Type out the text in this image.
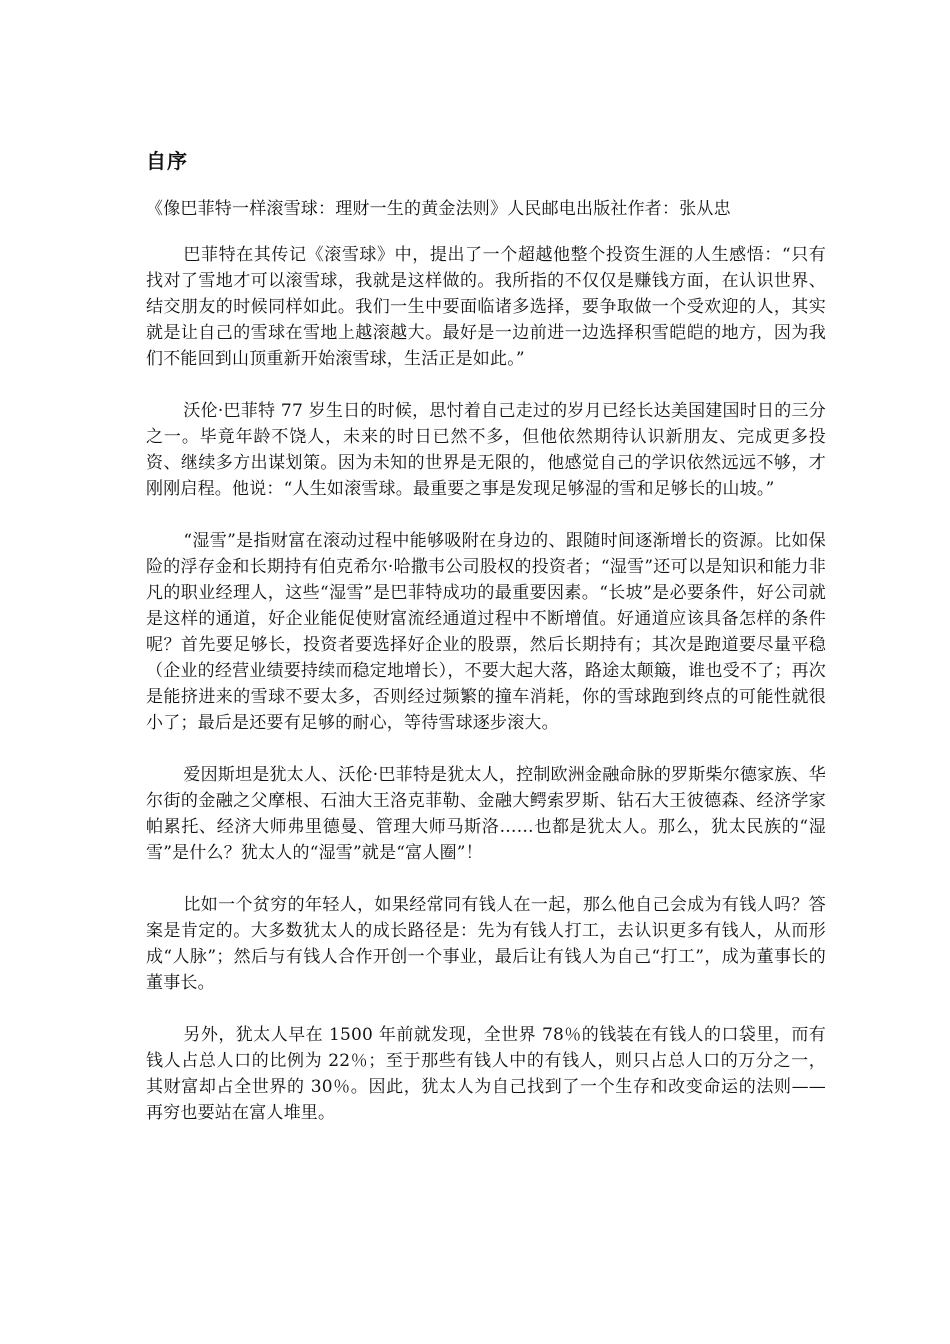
自序
《像巴菲特一样滚雪球：理财一生的黄金法则》人民邮电出版社作者：张从忠

巴菲特在其传记《滚雪球》中，提出了一个超越他整个投资生涯的人生感悟：“只有找对了雪地才可以滚雪球，我就是这样做的。我所指的不仅仅是赚钱方面，在认识世界、结交朋友的时候同样如此。我们一生中要面临诸多选择，要争取做一个受欢迎的人，其实就是让自己的雪球在雪地上越滚越大。最好是一边前进一边选择积雪皑皑的地方，因为我们不能回到山顶重新开始滚雪球，生活正是如此。”

沃伦·巴菲特 77 岁生日的时候，思忖着自己走过的岁月已经长达美国建国时日的三分之一。毕竟年龄不饶人，未来的时日已然不多，但他依然期待认识新朋友、完成更多投资、继续多方出谋划策。因为未知的世界是无限的，他感觉自己的学识依然远远不够，才刚刚启程。他说：“人生如滚雪球。最重要之事是发现足够湿的雪和足够长的山坡。”

“湿雪”是指财富在滚动过程中能够吸附在身边的、跟随时间逐渐增长的资源。比如保险的浮存金和长期持有伯克希尔·哈撒韦公司股权的投资者；“湿雪”还可以是知识和能力非凡的职业经理人，这些“湿雪”是巴菲特成功的最重要因素。“长坡”是必要条件，好公司就是这样的通道，好企业能促使财富流经通道过程中不断增值。好通道应该具备怎样的条件呢？首先要足够长，投资者要选择好企业的股票，然后长期持有；其次是跑道要尽量平稳（企业的经营业绩要持续而稳定地增长），不要大起大落，路途太颠簸，谁也受不了；再次是能挤进来的雪球不要太多，否则经过频繁的撞车消耗，你的雪球跑到终点的可能性就很小了；最后是还要有足够的耐心，等待雪球逐步滚大。

爱因斯坦是犹太人、沃伦·巴菲特是犹太人，控制欧洲金融命脉的罗斯柴尔德家族、华尔街的金融之父摩根、石油大王洛克菲勒、金融大鳄索罗斯、钻石大王彼德森、经济学家帕累托、经济大师弗里德曼、管理大师马斯洛……也都是犹太人。那么，犹太民族的“湿雪”是什么？犹太人的“湿雪”就是“富人圈”！

比如一个贫穷的年轻人，如果经常同有钱人在一起，那么他自己会成为有钱人吗？答案是肯定的。大多数犹太人的成长路径是：先为有钱人打工，去认识更多有钱人，从而形成“人脉”；然后与有钱人合作开创一个事业，最后让有钱人为自己“打工”，成为董事长的董事长。

另外，犹太人早在 1500 年前就发现，全世界 78％的钱装在有钱人的口袋里，而有钱人占总人口的比例为 22％；至于那些有钱人中的有钱人，则只占总人口的万分之一，其财富却占全世界的 30％。因此，犹太人为自己找到了一个生存和改变命运的法则——再穷也要站在富人堆里。
